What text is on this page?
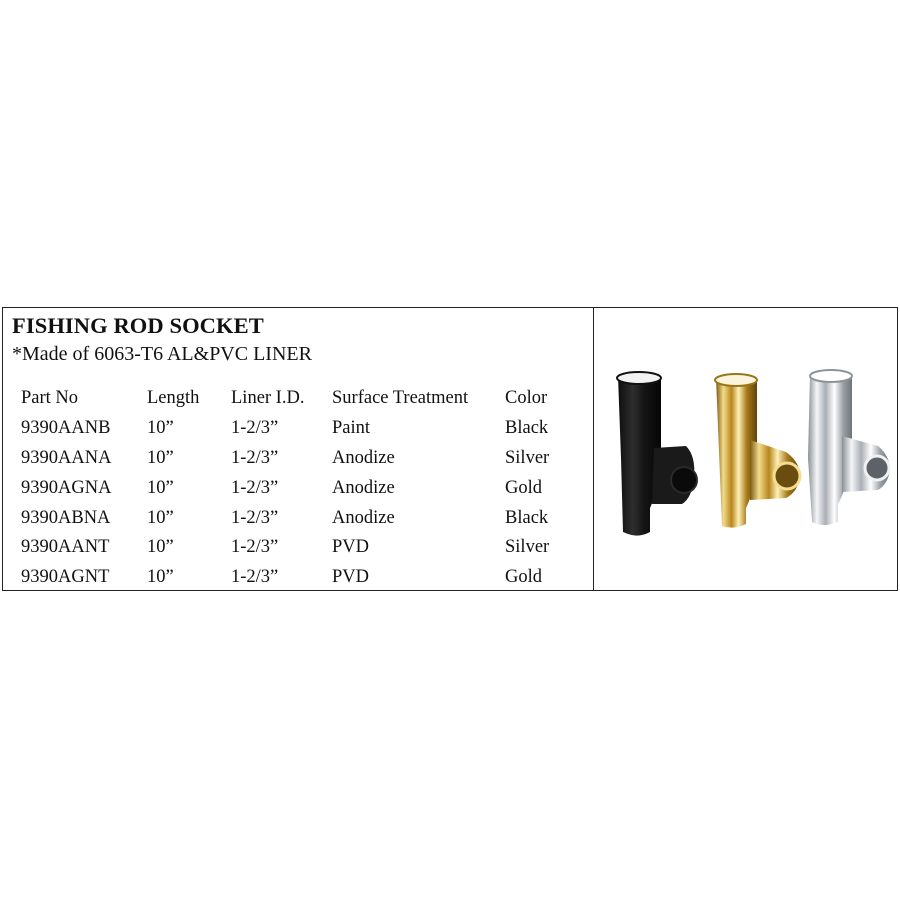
FISHING ROD SOCKET
*Made of 6063-T6 AL&PVC LINER
Part No	Length	Liner I.D.	Surface Treatment	Color
9390AANB	10”	1-2/3”	Paint	Black
9390AANA	10”	1-2/3”	Anodize	Silver
9390AGNA	10”	1-2/3”	Anodize	Gold
9390ABNA	10”	1-2/3”	Anodize	Black
9390AANT	10”	1-2/3”	PVD	Silver
9390AGNT	10”	1-2/3”	PVD	Gold
